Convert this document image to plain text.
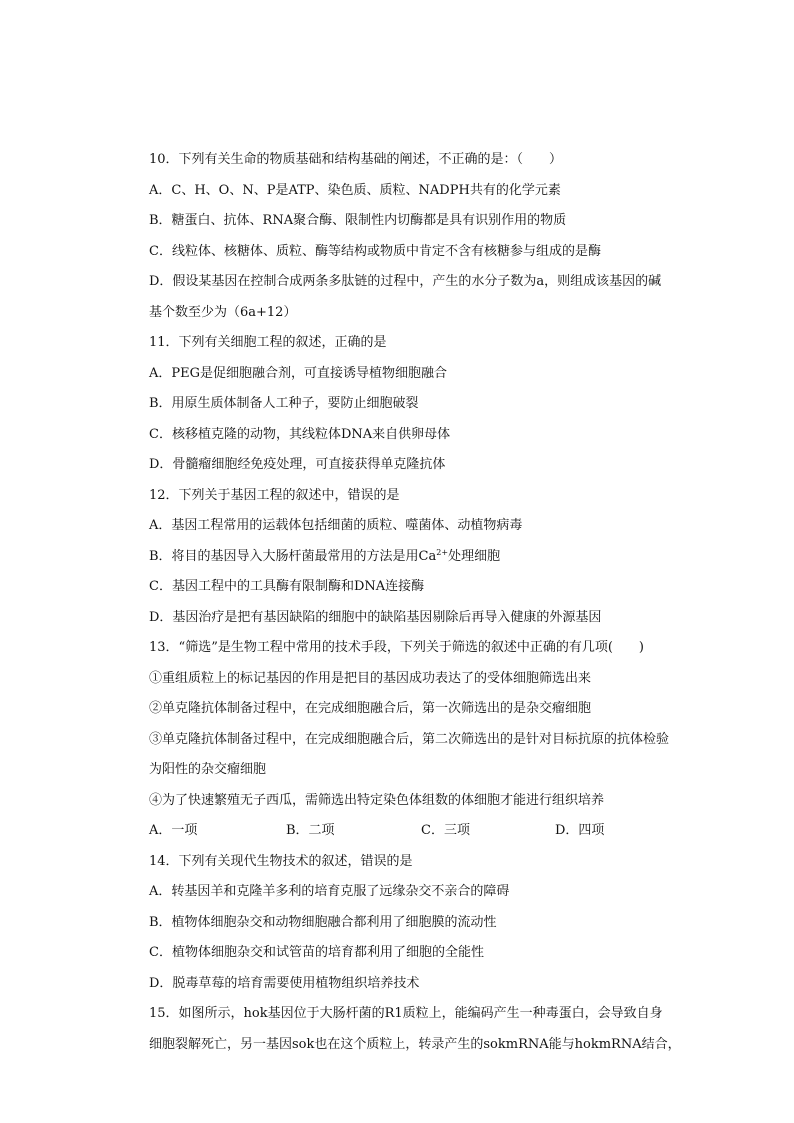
10．下列有关生命的物质基础和结构基础的阐述，不正确的是：（　　）
A．C、H、O、N、P是ATP、染色质、质粒、NADPH共有的化学元素
B．糖蛋白、抗体、RNA聚合酶、限制性内切酶都是具有识别作用的物质
C．线粒体、核糖体、质粒、酶等结构或物质中肯定不含有核糖参与组成的是酶
D．假设某基因在控制合成两条多肽链的过程中，产生的水分子数为a，则组成该基因的碱
基个数至少为（6a+12）
11．下列有关细胞工程的叙述，正确的是
A．PEG是促细胞融合剂，可直接诱导植物细胞融合
B．用原生质体制备人工种子，要防止细胞破裂
C．核移植克隆的动物，其线粒体DNA来自供卵母体
D．骨髓瘤细胞经免疫处理，可直接获得单克隆抗体
12．下列关于基因工程的叙述中，错误的是
A．基因工程常用的运载体包括细菌的质粒、噬菌体、动植物病毒
B．将目的基因导入大肠杆菌最常用的方法是用$Ca^{2+}$处理细胞
C．基因工程中的工具酶有限制酶和DNA连接酶
D．基因治疗是把有基因缺陷的细胞中的缺陷基因剔除后再导入健康的外源基因
13．“筛选”是生物工程中常用的技术手段，下列关于筛选的叙述中正确的有几项(　　)
①重组质粒上的标记基因的作用是把目的基因成功表达了的受体细胞筛选出来
②单克隆抗体制备过程中，在完成细胞融合后，第一次筛选出的是杂交瘤细胞
③单克隆抗体制备过程中，在完成细胞融合后，第二次筛选出的是针对目标抗原的抗体检验
为阳性的杂交瘤细胞
④为了快速繁殖无子西瓜，需筛选出特定染色体组数的体细胞才能进行组织培养
A．一项	B．二项	C．三项	D．四项
14．下列有关现代生物技术的叙述，错误的是
A．转基因羊和克隆羊多利的培育克服了远缘杂交不亲合的障碍
B．植物体细胞杂交和动物细胞融合都利用了细胞膜的流动性
C．植物体细胞杂交和试管苗的培育都利用了细胞的全能性
D．脱毒草莓的培育需要使用植物组织培养技术
15．如图所示，hok基因位于大肠杆菌的R1质粒上，能编码产生一种毒蛋白，会导致自身
细胞裂解死亡，另一基因sok也在这个质粒上，转录产生的sokmRNA能与hokmRNA结合，
